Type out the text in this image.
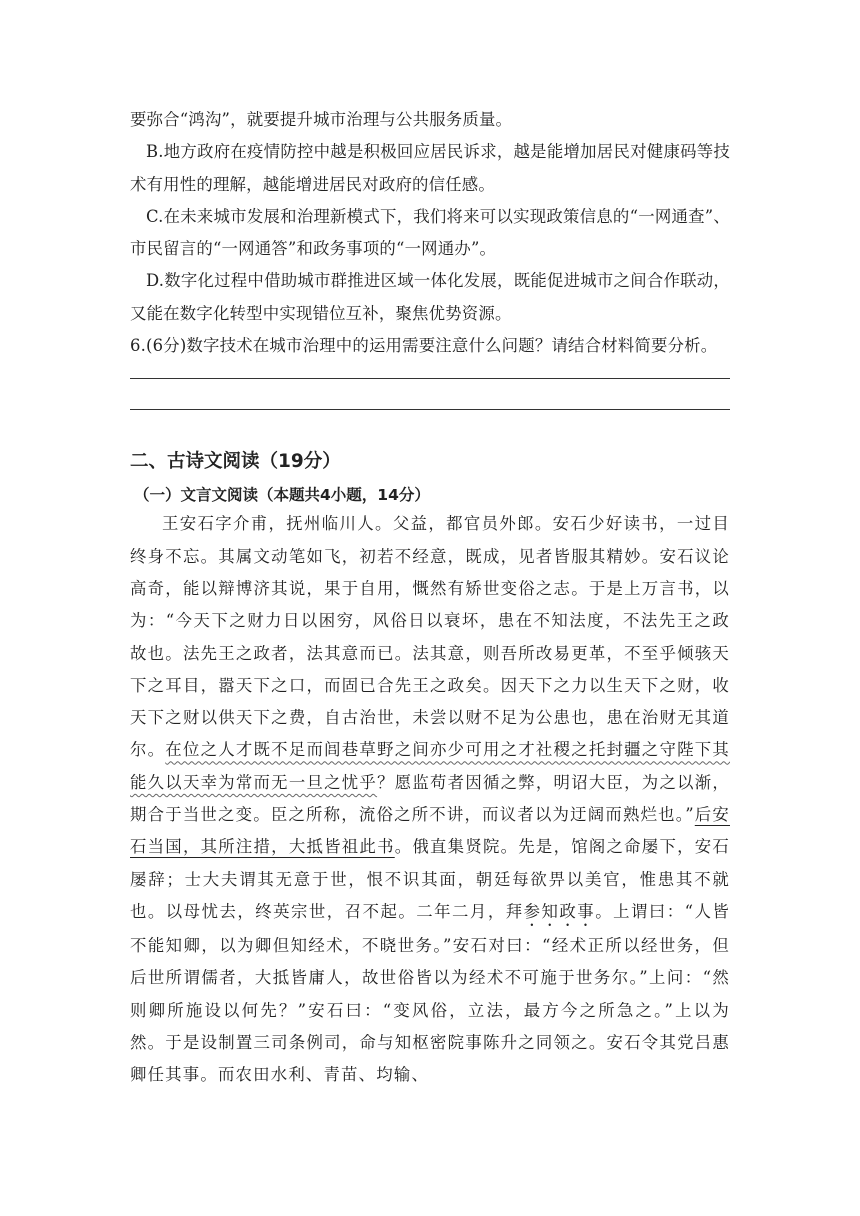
要弥合“鸿沟”，就要提升城市治理与公共服务质量。

B.地方政府在疫情防控中越是积极回应居民诉求，越是能增加居民对健康码等技术有用性的理解，越能增进居民对政府的信任感。

C.在未来城市发展和治理新模式下，我们将来可以实现政策信息的“一网通查”、市民留言的“一网通答”和政务事项的“一网通办”。

D.数字化过程中借助城市群推进区域一体化发展，既能促进城市之间合作联动，又能在数字化转型中实现错位互补，聚焦优势资源。

6.(6分)数字技术在城市治理中的运用需要注意什么问题？请结合材料简要分析。

二、古诗文阅读（19分）
（一）文言文阅读（本题共4小题，14分）

王安石字介甫，抚州临川人。父益，都官员外郎。安石少好读书，一过目终身不忘。其属文动笔如飞，初若不经意，既成，见者皆服其精妙。安石议论高奇，能以辩博济其说，果于自用，慨然有矫世变俗之志。于是上万言书，以为：“今天下之财力日以困穷，风俗日以衰坏，患在不知法度，不法先王之政故也。法先王之政者，法其意而已。法其意，则吾所改易更革，不至乎倾骇天下之耳目，嚣天下之口，而固已合先王之政矣。因天下之力以生天下之财，收天下之财以供天下之费，自古治世，未尝以财不足为公患也，患在治财无其道尔。在位之人才既不足而闾巷草野之间亦少可用之才社稷之托封疆之守陛下其能久以天幸为常而无一旦之忧乎？愿监苟者因循之弊，明诏大臣，为之以渐，期合于当世之变。臣之所称，流俗之所不讲，而议者以为迂阔而熟烂也。”后安石当国，其所注措，大抵皆祖此书。俄直集贤院。先是，馆阁之命屡下，安石屡辞；士大夫谓其无意于世，恨不识其面，朝廷每欲畀以美官，惟患其不就也。以母忧去，终英宗世，召不起。二年二月，拜参知政事。上谓曰：“人皆不能知卿，以为卿但知经术，不晓世务。”安石对曰：“经术正所以经世务，但后世所谓儒者，大抵皆庸人，故世俗皆以为经术不可施于世务尔。”上问：“然则卿所施设以何先？”安石曰：“变风俗，立法，最方今之所急之。”上以为然。于是设制置三司条例司，命与知枢密院事陈升之同领之。安石令其党吕惠卿任其事。而农田水利、青苗、均输、
